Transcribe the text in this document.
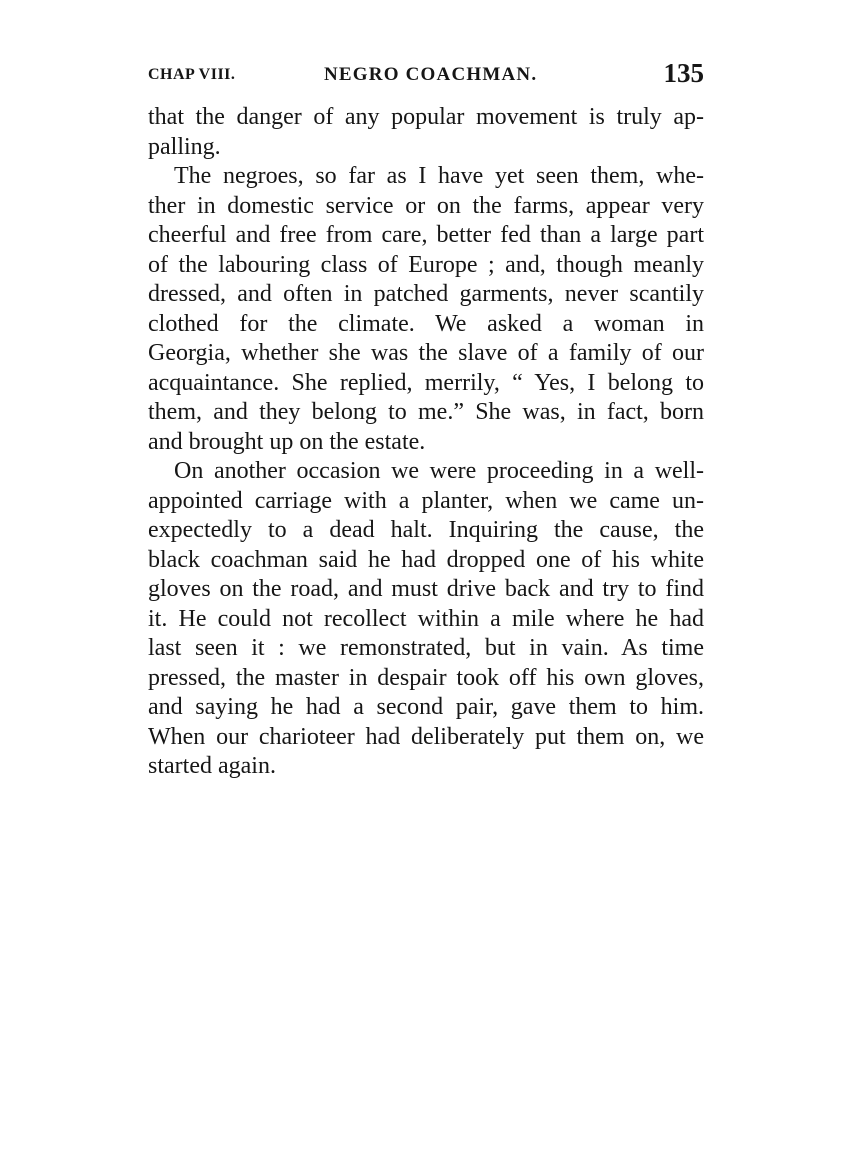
CHAP VIII.	NEGRO COACHMAN.	135
that the danger of any popular movement is truly ap-
palling.
The negroes, so far as I have yet seen them, whe-
ther in domestic service or on the farms, appear very
cheerful and free from care, better fed than a large part
of the labouring class of Europe ; and, though meanly
dressed, and often in patched garments, never scantily
clothed for the climate. We asked a woman in
Georgia, whether she was the slave of a family of our
acquaintance. She replied, merrily, “ Yes, I belong to
them, and they belong to me.” She was, in fact, born
and brought up on the estate.
On another occasion we were proceeding in a well-
appointed carriage with a planter, when we came un-
expectedly to a dead halt. Inquiring the cause, the
black coachman said he had dropped one of his white
gloves on the road, and must drive back and try to find
it. He could not recollect within a mile where he had
last seen it : we remonstrated, but in vain. As time
pressed, the master in despair took off his own gloves,
and saying he had a second pair, gave them to him.
When our charioteer had deliberately put them on, we
started again.
